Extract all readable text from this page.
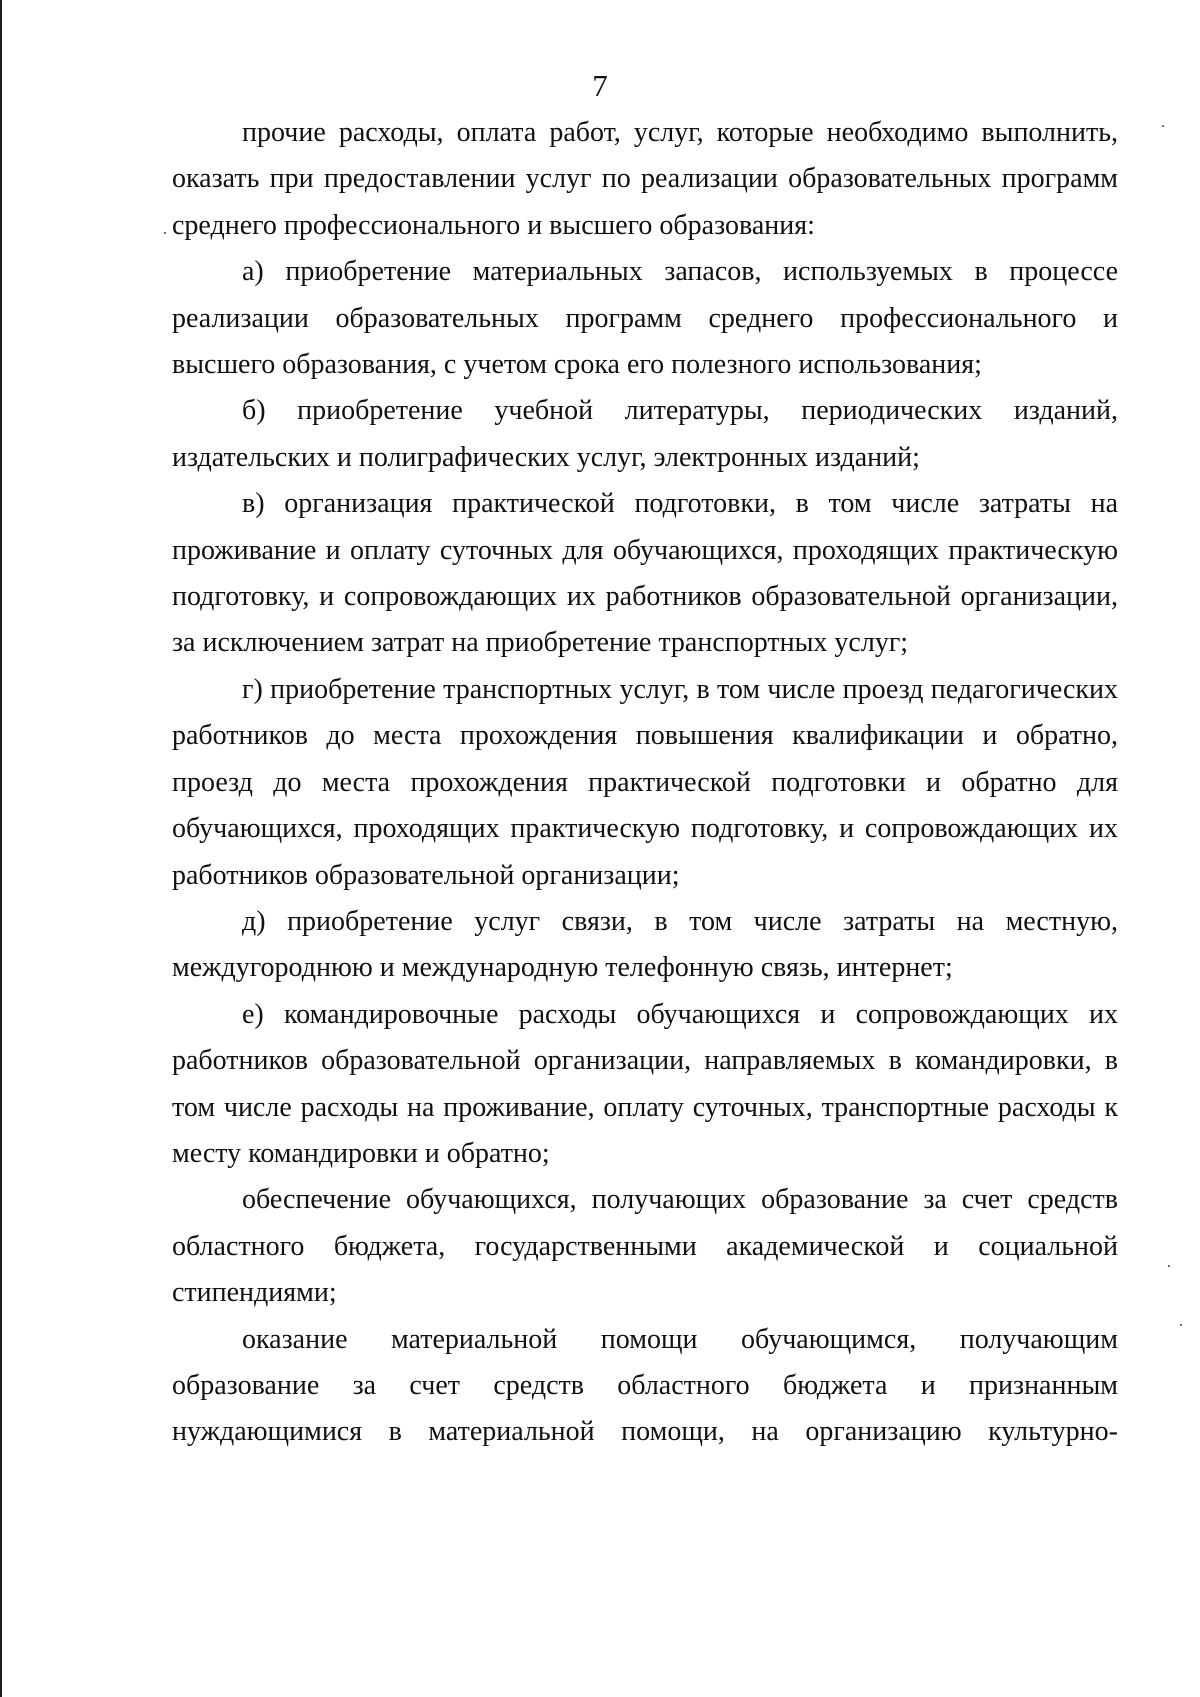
7

прочие расходы, оплата работ, услуг, которые необходимо выполнить, оказать при предоставлении услуг по реализации образовательных программ среднего профессионального и высшего образования:

а) приобретение материальных запасов, используемых в процессе реализации образовательных программ среднего профессионального и высшего образования, с учетом срока его полезного использования;

б) приобретение учебной литературы, периодических изданий, издательских и полиграфических услуг, электронных изданий;

в) организация практической подготовки, в том числе затраты на проживание и оплату суточных для обучающихся, проходящих практическую подготовку, и сопровождающих их работников образовательной организации, за исключением затрат на приобретение транспортных услуг;

г) приобретение транспортных услуг, в том числе проезд педагогических работников до места прохождения повышения квалификации и обратно, проезд до места прохождения практической подготовки и обратно для обучающихся, проходящих практическую подготовку, и сопровождающих их работников образовательной организации;

д) приобретение услуг связи, в том числе затраты на местную, междугороднюю и международную телефонную связь, интернет;

е) командировочные расходы обучающихся и сопровождающих их работников образовательной организации, направляемых в командировки, в том числе расходы на проживание, оплату суточных, транспортные расходы к месту командировки и обратно;

обеспечение обучающихся, получающих образование за счет средств областного бюджета, государственными академической и социальной стипендиями;

оказание материальной помощи обучающимся, получающим образование за счет средств областного бюджета и признанным нуждающимися в материальной помощи, на организацию культурно-
